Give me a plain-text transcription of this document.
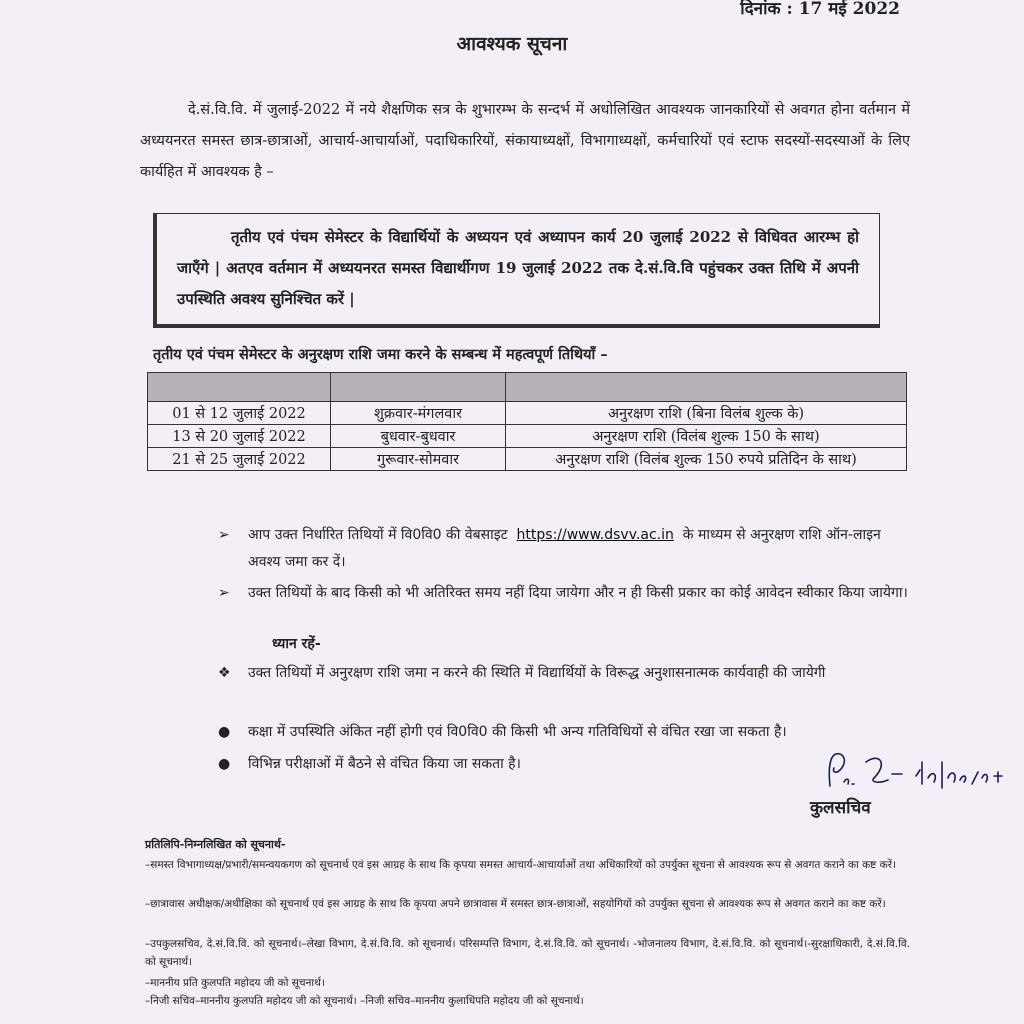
दिनांक : 17 मई 2022
आवश्यक सूचना
दे.सं.वि.वि. में जुलाई-2022 में नये शैक्षणिक सत्र के शुभारम्भ के सन्दर्भ में अधोलिखित आवश्यक जानकारियों से अवगत होना वर्तमान में अध्ययनरत समस्त छात्र-छात्राओं, आचार्य-आचार्याओं, पदाधिकारियों, संकायाध्यक्षों, विभागाध्यक्षों, कर्मचारियों एवं स्टाफ सदस्यों-सदस्याओं के लिए कार्यहित में आवश्यक है –
तृतीय एवं पंचम सेमेस्टर के विद्यार्थियों के अध्ययन एवं अध्यापन कार्य 20 जुलाई 2022 से विधिवत आरम्भ हो जाएँगे | अतएव वर्तमान में अध्ययनरत समस्त विद्यार्थीगण 19 जुलाई 2022 तक दे.सं.वि.वि पहुंचकर उक्त तिथि में अपनी उपस्थिति अवश्य सुनिश्चित करें |
तृतीय एवं पंचम सेमेस्टर के अनुरक्षण राशि जमा करने के सम्बन्ध में महत्वपूर्ण तिथियाँ –

01 से 12 जुलाई 2022	शुक्रवार-मंगलवार	अनुरक्षण राशि (बिना विलंब शुल्क के)
13 से 20 जुलाई 2022	बुधवार-बुधवार	अनुरक्षण राशि (विलंब शुल्क 150 के साथ)
21 से 25 जुलाई 2022	गुरूवार-सोमवार	अनुरक्षण राशि (विलंब शुल्क 150 रुपये प्रतिदिन के साथ)
➢ आप उक्त निर्धारित तिथियों में वि0वि0 की वेबसाइट https://www.dsvv.ac.in के माध्यम से अनुरक्षण राशि ऑन-लाइन अवश्य जमा कर दें।
➢ उक्त तिथियों के बाद किसी को भी अतिरिक्त समय नहीं दिया जायेगा और न ही किसी प्रकार का कोई आवेदन स्वीकार किया जायेगा।
ध्यान रहें-
❖ उक्त तिथियों में अनुरक्षण राशि जमा न करने की स्थिति में विद्यार्थियों के विरूद्ध अनुशासनात्मक कार्यवाही की जायेगी
● कक्षा में उपस्थिति अंकित नहीं होगी एवं वि0वि0 की किसी भी अन्य गतिविधियों से वंचित रखा जा सकता है।
● विभिन्न परीक्षाओं में बैठने से वंचित किया जा सकता है।
कुलसचिव
प्रतिलिपि-निम्नलिखित को सूचनार्थ-
–समस्त विभागाध्यक्ष/प्रभारी/समन्वयकगण को सूचनार्थ एवं इस आग्रह के साथ कि कृपया समस्त आचार्य-आचार्याओं तथा अधिकारियों को उपर्युक्त सूचना से आवश्यक रूप से अवगत कराने का कष्ट करें।
–छात्रावास अधीक्षक/अधीक्षिका को सूचनार्थ एवं इस आग्रह के साथ कि कृपया अपने छात्रावास में समस्त छात्र-छात्राओं, सहयोगियों को उपर्युक्त सूचना से आवश्यक रूप से अवगत कराने का कष्ट करें।
–उपकुलसचिव, दे.सं.वि.वि. को सूचनार्थ।–लेखा विभाग, दे.सं.वि.वि. को सूचनार्थ। परिसम्पत्ति विभाग, दे.सं.वि.वि. को सूचनार्थ। -भोजनालय विभाग, दे.सं.वि.वि. को सूचनार्थ।-सुरक्षाधिकारी, दे.सं.वि.वि. को सूचनार्थ।
–माननीय प्रति कुलपति महोदय जी को सूचनार्थ।
–निजी सचिव–माननीय कुलपति महोदय जी को सूचनार्थ। –निजी सचिव–माननीय कुलाधिपति महोदय जी को सूचनार्थ।
